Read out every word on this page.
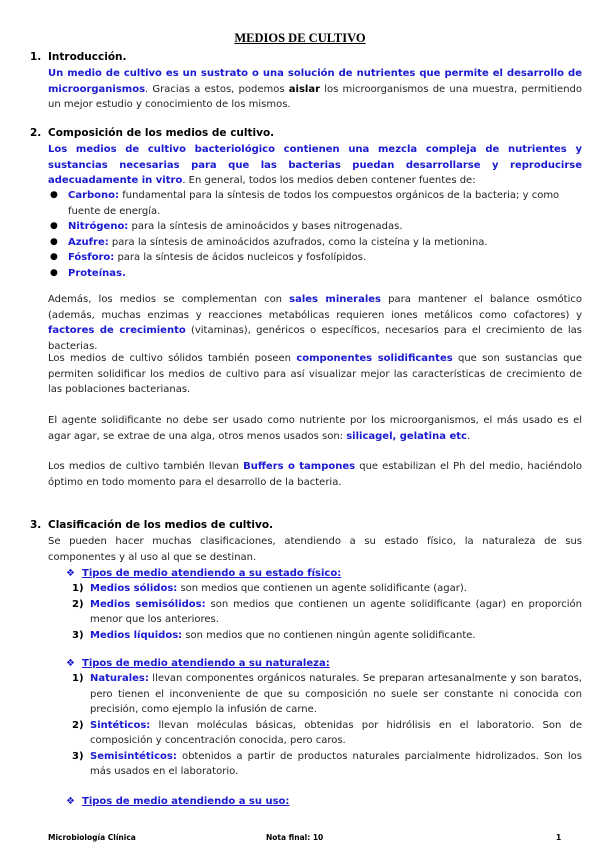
MEDIOS DE CULTIVO
1. Introducción.
Un medio de cultivo es un sustrato o una solución de nutrientes que permite el desarrollo de microorganismos. Gracias a estos, podemos aislar los microorganismos de una muestra, permitiendo un mejor estudio y conocimiento de los mismos.
2. Composición de los medios de cultivo.
Los medios de cultivo bacteriológico contienen una mezcla compleja de nutrientes y sustancias necesarias para que las bacterias puedan desarrollarse y reproducirse adecuadamente in vitro. En general, todos los medios deben contener fuentes de:
● Carbono: fundamental para la síntesis de todos los compuestos orgánicos de la bacteria; y como fuente de energía.
● Nitrógeno: para la síntesis de aminoácidos y bases nitrogenadas.
● Azufre: para la síntesis de aminoácidos azufrados, como la cisteína y la metionina.
● Fósforo: para la síntesis de ácidos nucleicos y fosfolípidos.
● Proteínas.
Además, los medios se complementan con sales minerales para mantener el balance osmótico (además, muchas enzimas y reacciones metabólicas requieren iones metálicos como cofactores) y factores de crecimiento (vitaminas), genéricos o específicos, necesarios para el crecimiento de las bacterias.
Los medios de cultivo sólidos también poseen componentes solidificantes que son sustancias que permiten solidificar los medios de cultivo para así visualizar mejor las características de crecimiento de las poblaciones bacterianas.
El agente solidificante no debe ser usado como nutriente por los microorganismos, el más usado es el agar agar, se extrae de una alga, otros menos usados son: silicagel, gelatina etc.
Los medios de cultivo también llevan Buffers o tampones que estabilizan el Ph del medio, haciéndolo óptimo en todo momento para el desarrollo de la bacteria.
3. Clasificación de los medios de cultivo.
Se pueden hacer muchas clasificaciones, atendiendo a su estado físico, la naturaleza de sus componentes y al uso al que se destinan.
❖ Tipos de medio atendiendo a su estado físico:
1) Medios sólidos: son medios que contienen un agente solidificante (agar).
2) Medios semisólidos: son medios que contienen un agente solidificante (agar) en proporción menor que los anteriores.
3) Medios líquidos: son medios que no contienen ningún agente solidificante.
❖ Tipos de medio atendiendo a su naturaleza:
1) Naturales: llevan componentes orgánicos naturales. Se preparan artesanalmente y son baratos, pero tienen el inconveniente de que su composición no suele ser constante ni conocida con precisión, como ejemplo la infusión de carne.
2) Sintéticos: llevan moléculas básicas, obtenidas por hidrólisis en el laboratorio. Son de composición y concentración conocida, pero caros.
3) Semisintéticos: obtenidos a partir de productos naturales parcialmente hidrolizados. Son los más usados en el laboratorio.
❖ Tipos de medio atendiendo a su uso:
Microbiología Clínica	Nota final: 10	1
